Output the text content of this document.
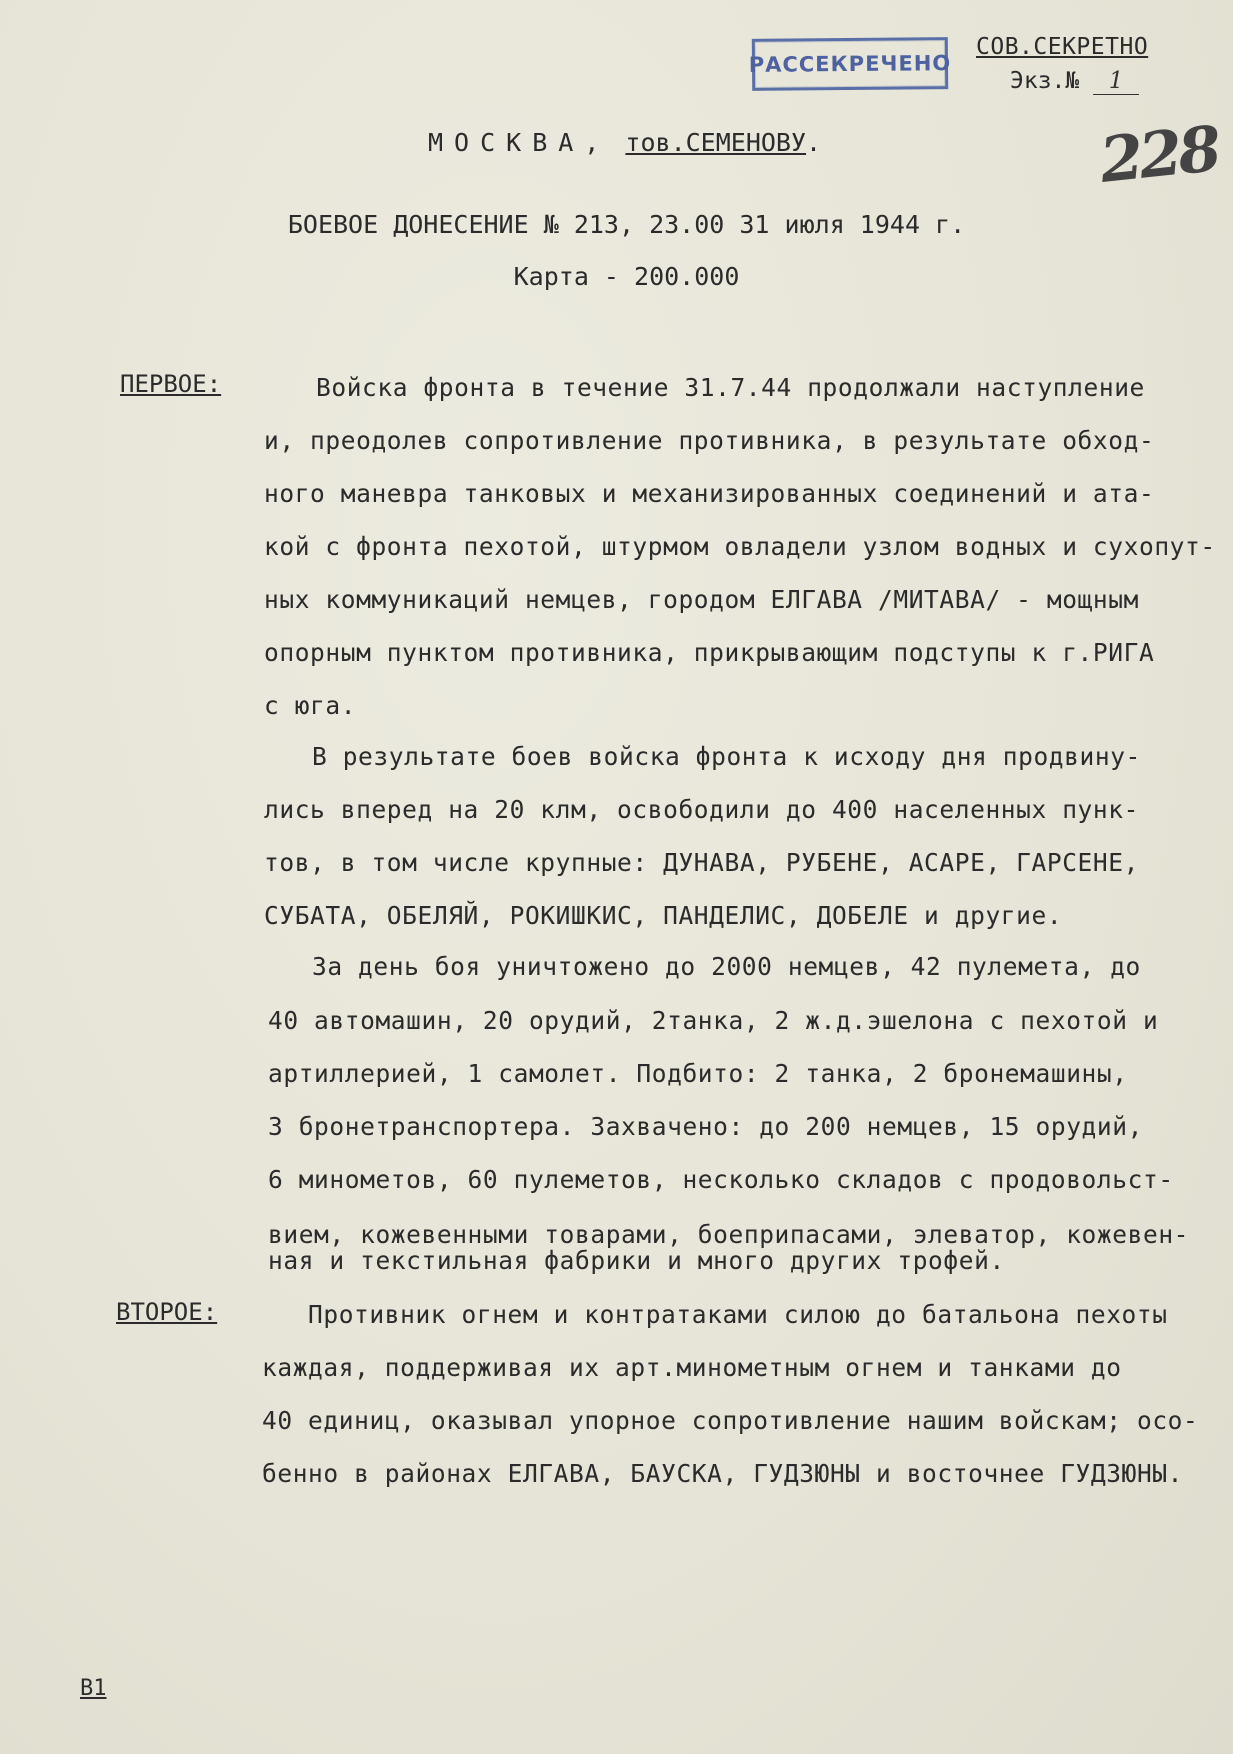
РАССЕКРЕЧЕНО
СОВ.СЕКРЕТНО
Экз.№ 1
228
МОСКВА, тов.СЕМЕНОВУ.
БОЕВОЕ ДОНЕСЕНИЕ № 213, 23.00 31 июля 1944 г.
Карта - 200.000
ПЕРВОЕ:	Войска фронта в течение 31.7.44 продолжали наступление
и, преодолев сопротивление противника, в результате обход-
ного маневра танковых и механизированных соединений и ата-
кой с фронта пехотой, штурмом овладели узлом водных и сухопут-
ных коммуникаций немцев, городом ЕЛГАВА /МИТАВА/ - мощным
опорным пунктом противника, прикрывающим подступы к г.РИГА
с юга.
В результате боев войска фронта к исходу дня продвину-
лись вперед на 20 клм, освободили до 400 населенных пунк-
тов, в том числе крупные: ДУНАВА, РУБЕНЕ, АСАРЕ, ГАРСЕНЕ,
СУБАТА, ОБЕЛЯЙ, РОКИШКИС, ПАНДЕЛИС, ДОБЕЛЕ и другие.
За день боя уничтожено до 2000 немцев, 42 пулемета, до
40 автомашин, 20 орудий, 2танка, 2 ж.д.эшелона с пехотой и
артиллерией, 1 самолет. Подбито: 2 танка, 2 бронемашины,
3 бронетранспортера. Захвачено: до 200 немцев, 15 орудий,
6 минометов, 60 пулеметов, несколько складов с продовольст-
вием, кожевенными товарами, боеприпасами, элеватор, кожевен-
ная и текстильная фабрики и много других трофей.
ВТОРОЕ:	Противник огнем и контратаками силою до батальона пехоты
каждая, поддерживая их арт.минометным огнем и танками до
40 единиц, оказывал упорное сопротивление нашим войскам; осо-
бенно в районах ЕЛГАВА, БАУСКА, ГУДЗЮНЫ и восточнее ГУДЗЮНЫ.
В1
